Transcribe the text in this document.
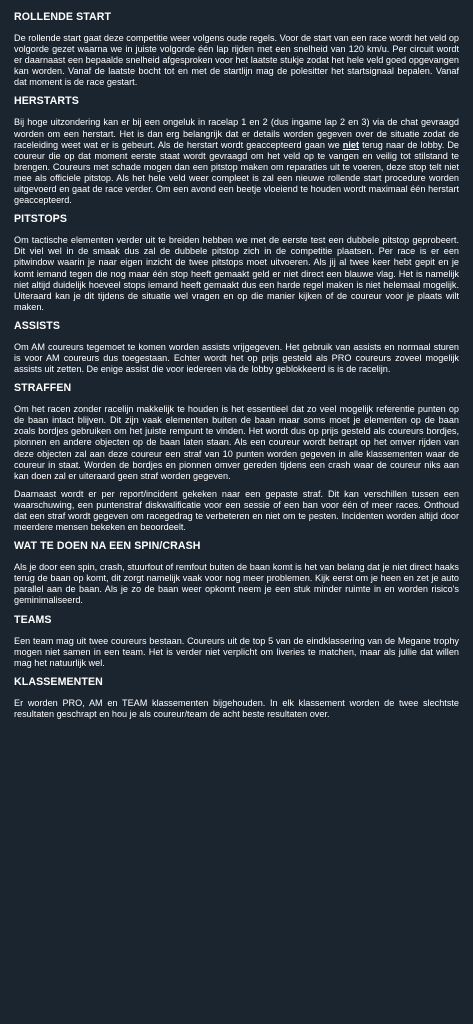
ROLLENDE START

De rollende start gaat deze competitie weer volgens oude regels. Voor de start van een race wordt het veld op volgorde gezet waarna we in juiste volgorde één lap rijden met een snelheid van 120 km/u. Per circuit wordt er daarnaast een bepaalde snelheid afgesproken voor het laatste stukje zodat het hele veld goed opgevangen kan worden. Vanaf de laatste bocht tot en met de startlijn mag de polesitter het startsignaal bepalen. Vanaf dat moment is de race gestart.

HERSTARTS

Bij hoge uitzondering kan er bij een ongeluk in racelap 1 en 2 (dus ingame lap 2 en 3) via de chat gevraagd worden om een herstart. Het is dan erg belangrijk dat er details worden gegeven over de situatie zodat de raceleiding weet wat er is gebeurt. Als de herstart wordt geaccepteerd gaan we niet terug naar de lobby. De coureur die op dat moment eerste staat wordt gevraagd om het veld op te vangen en veilig tot stilstand te brengen. Coureurs met schade mogen dan een pitstop maken om reparaties uit te voeren, deze stop telt niet mee als officiele pitstop. Als het hele veld weer compleet is zal een nieuwe rollende start procedure worden uitgevoerd en gaat de race verder. Om een avond een beetje vloeiend te houden wordt maximaal één herstart geaccepteerd.

PITSTOPS

Om tactische elementen verder uit te breiden hebben we met de eerste test een dubbele pitstop geprobeert. Dit viel wel in de smaak dus zal de dubbele pitstop zich in de competitie plaatsen. Per race is er een pitwindow waarin je naar eigen inzicht de twee pitstops moet uitvoeren. Als jij al twee keer hebt gepit en je komt iemand tegen die nog maar één stop heeft gemaakt geld er niet direct een blauwe vlag. Het is namelijk niet altijd duidelijk hoeveel stops iemand heeft gemaakt dus een harde regel maken is niet helemaal mogelijk. Uiteraard kan je dit tijdens de situatie wel vragen en op die manier kijken of de coureur voor je plaats wilt maken.

ASSISTS

Om AM coureurs tegemoet te komen worden assists vrijgegeven. Het gebruik van assists en normaal sturen is voor AM coureurs dus toegestaan. Echter wordt het op prijs gesteld als PRO coureurs zoveel mogelijk assists uit zetten. De enige assist die voor iedereen via de lobby geblokkeerd is is de racelijn.

STRAFFEN

Om het racen zonder racelijn makkelijk te houden is het essentieel dat zo veel mogelijk referentie punten op de baan intact blijven. Dit zijn vaak elementen buiten de baan maar soms moet je elementen op de baan zoals bordjes gebruiken om het juiste rempunt te vinden. Het wordt dus op prijs gesteld als coureurs bordjes, pionnen en andere objecten op de baan laten staan. Als een coureur wordt betrapt op het omver rijden van deze objecten zal aan deze coureur een straf van 10 punten worden gegeven in alle klassementen waar de coureur in staat. Worden de bordjes en pionnen omver gereden tijdens een crash waar de coureur niks aan kan doen zal er uiteraard geen straf worden gegeven.

Daarnaast wordt er per report/incident gekeken naar een gepaste straf. Dit kan verschillen tussen een waarschuwing, een puntenstraf diskwalificatie voor een sessie of een ban voor één of meer races. Onthoud dat een straf wordt gegeven om racegedrag te verbeteren en niet om te pesten. Incidenten worden altijd door meerdere mensen bekeken en beoordeelt.

WAT TE DOEN NA EEN SPIN/CRASH

Als je door een spin, crash, stuurfout of remfout buiten de baan komt is het van belang dat je niet direct haaks terug de baan op komt, dit zorgt namelijk vaak voor nog meer problemen. Kijk eerst om je heen en zet je auto parallel aan de baan. Als je zo de baan weer opkomt neem je een stuk minder ruimte in en worden risico's geminimaliseerd.

TEAMS

Een team mag uit twee coureurs bestaan. Coureurs uit de top 5 van de eindklassering van de Megane trophy mogen niet samen in een team. Het is verder niet verplicht om liveries te matchen, maar als jullie dat willen mag het natuurlijk wel.

KLASSEMENTEN

Er worden PRO, AM en TEAM klassementen bijgehouden. In elk klassement worden de twee slechtste resultaten geschrapt en hou je als coureur/team de acht beste resultaten over.
